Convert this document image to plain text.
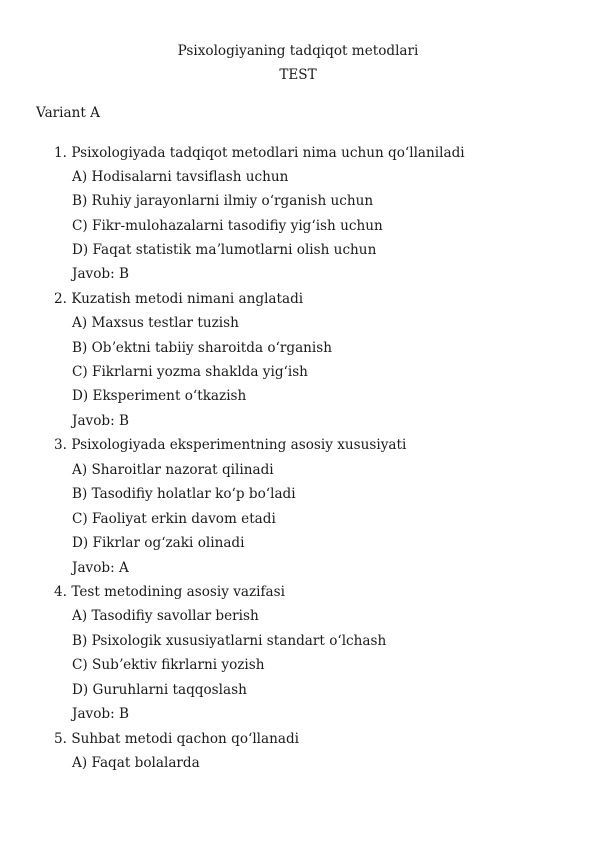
Psixologiyaning tadqiqot metodlari
TEST
Variant A
1. Psixologiyada tadqiqot metodlari nima uchun qoʻllaniladi
A) Hodisalarni tavsiflash uchun
B) Ruhiy jarayonlarni ilmiy oʻrganish uchun
C) Fikr-mulohazalarni tasodifiy yigʻish uchun
D) Faqat statistik maʼlumotlarni olish uchun
Javob: B
2. Kuzatish metodi nimani anglatadi
A) Maxsus testlar tuzish
B) Obʼektni tabiiy sharoitda oʻrganish
C) Fikrlarni yozma shaklda yigʻish
D) Eksperiment oʻtkazish
Javob: B
3. Psixologiyada eksperimentning asosiy xususiyati
A) Sharoitlar nazorat qilinadi
B) Tasodifiy holatlar koʻp boʻladi
C) Faoliyat erkin davom etadi
D) Fikrlar ogʻzaki olinadi
Javob: A
4. Test metodining asosiy vazifasi
A) Tasodifiy savollar berish
B) Psixologik xususiyatlarni standart oʻlchash
C) Subʼektiv fikrlarni yozish
D) Guruhlarni taqqoslash
Javob: B
5. Suhbat metodi qachon qoʻllanadi
A) Faqat bolalarda
